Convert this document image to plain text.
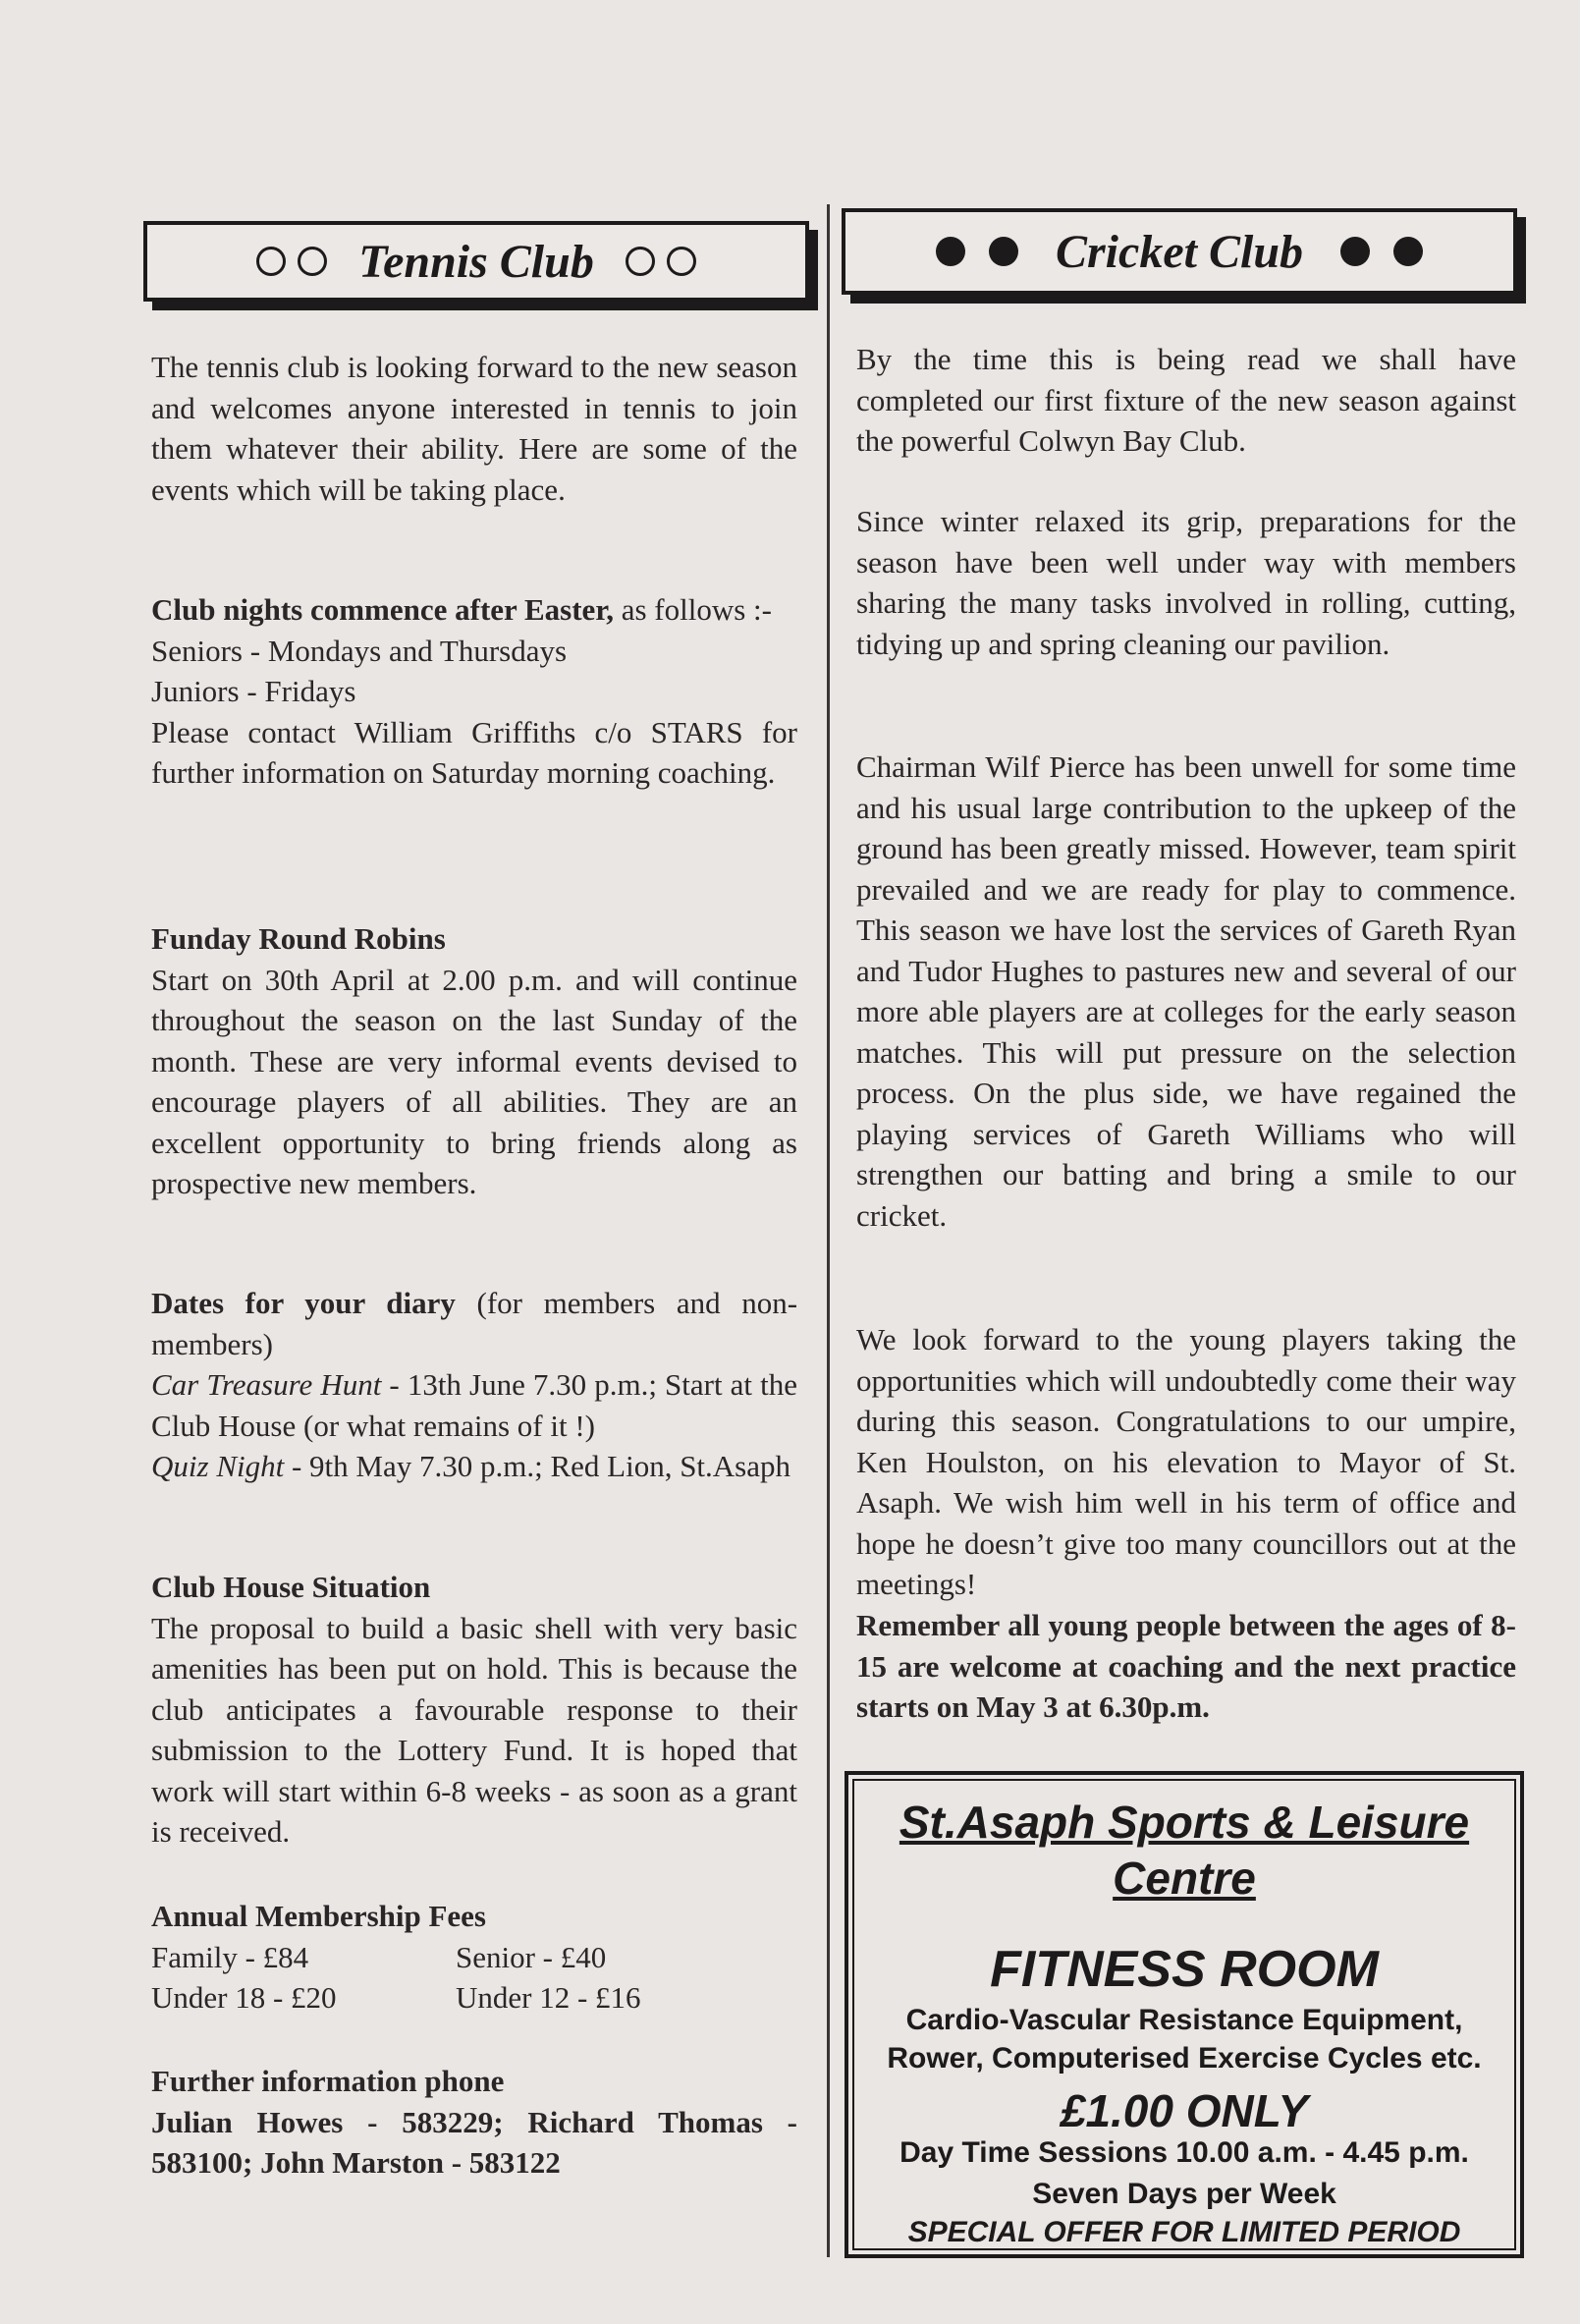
Tennis Club

The tennis club is looking forward to the new season and welcomes anyone interested in tennis to join them whatever their ability. Here are some of the events which will be taking place.

Club nights commence after Easter, as follows :-

Seniors - Mondays and Thursdays

Juniors - Fridays

Please contact William Griffiths c/o STARS for further information on Saturday morning coaching.

Funday Round Robins

Start on 30th April at 2.00 p.m. and will continue throughout the season on the last Sunday of the month. These are very informal events devised to encourage players of all abilities. They are an excellent opportunity to bring friends along as prospective new members.

Dates for your diary (for members and non-members)

Car Treasure Hunt - 13th June 7.30 p.m.; Start at the Club House (or what remains of it !)

Quiz Night - 9th May 7.30 p.m.; Red Lion, St.Asaph

Club House Situation

The proposal to build a basic shell with very basic amenities has been put on hold. This is because the club anticipates a favourable response to their submission to the Lottery Fund. It is hoped that work will start within 6-8 weeks - as soon as a grant is received.

Annual Membership Fees

Family - £84	Senior - £40
Under 18 - £20	Under 12 - £16

Further information phone

Julian Howes - 583229; Richard Thomas - 583100; John Marston - 583122

Cricket Club

By the time this is being read we shall have completed our first fixture of the new season against the powerful Colwyn Bay Club.

Since winter relaxed its grip, preparations for the season have been well under way with members sharing the many tasks involved in rolling, cutting, tidying up and spring cleaning our pavilion.

Chairman Wilf Pierce has been unwell for some time and his usual large contribution to the upkeep of the ground has been greatly missed. However, team spirit prevailed and we are ready for play to commence. This season we have lost the services of Gareth Ryan and Tudor Hughes to pastures new and several of our more able players are at colleges for the early season matches. This will put pressure on the selection process. On the plus side, we have regained the playing services of Gareth Williams who will strengthen our batting and bring a smile to our cricket.

We look forward to the young players taking the opportunities which will undoubtedly come their way during this season. Congratulations to our umpire, Ken Houlston, on his elevation to Mayor of St. Asaph. We wish him well in his term of office and hope he doesn’t give too many councillors out at the meetings!

Remember all young people between the ages of 8-15 are welcome at coaching and the next practice starts on May 3 at 6.30p.m.

St.Asaph Sports & Leisure
Centre
FITNESS ROOM
Cardio-Vascular Resistance Equipment,
Rower, Computerised Exercise Cycles etc.
£1.00 ONLY
Day Time Sessions 10.00 a.m. - 4.45 p.m.
Seven Days per Week
SPECIAL OFFER FOR LIMITED PERIOD
